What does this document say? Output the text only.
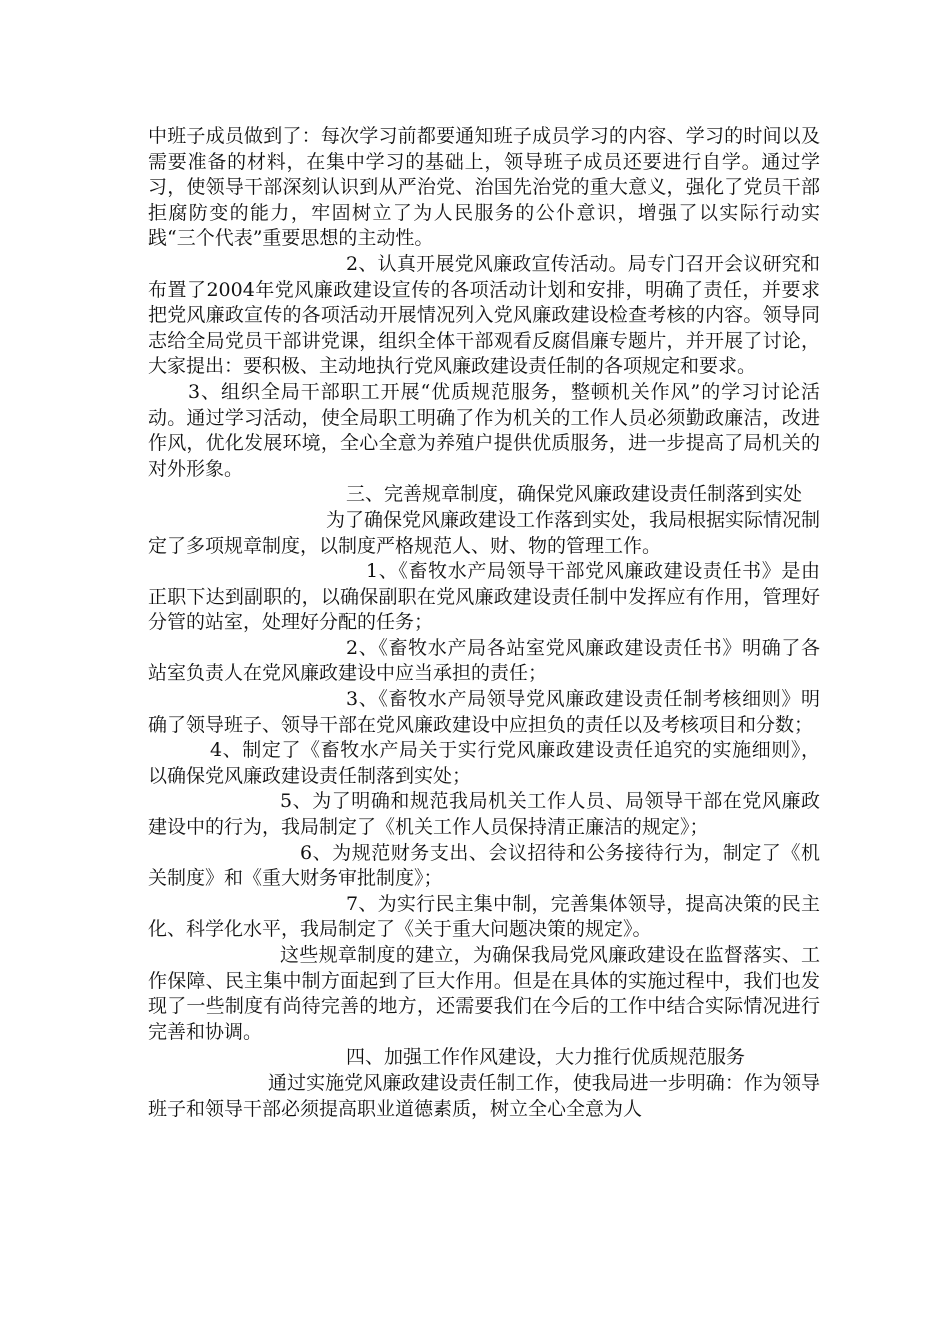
中班子成员做到了：每次学习前都要通知班子成员学习的内容、学习的时间以及需要准备的材料，在集中学习的基础上，领导班子成员还要进行自学。通过学习，使领导干部深刻认识到从严治党、治国先治党的重大意义，强化了党员干部拒腐防变的能力，牢固树立了为人民服务的公仆意识，增强了以实际行动实践“三个代表”重要思想的主动性。

2、认真开展党风廉政宣传活动。局专门召开会议研究和布置了2004年党风廉政建设宣传的各项活动计划和安排，明确了责任，并要求把党风廉政宣传的各项活动开展情况列入党风廉政建设检查考核的内容。领导同志给全局党员干部讲党课，组织全体干部观看反腐倡廉专题片，并开展了讨论，大家提出：要积极、主动地执行党风廉政建设责任制的各项规定和要求。

3、组织全局干部职工开展“优质规范服务，整顿机关作风”的学习讨论活动。通过学习活动，使全局职工明确了作为机关的工作人员必须勤政廉洁，改进作风，优化发展环境，全心全意为养殖户提供优质服务，进一步提高了局机关的对外形象。

三、完善规章制度，确保党风廉政建设责任制落到实处

为了确保党风廉政建设工作落到实处，我局根据实际情况制定了多项规章制度，以制度严格规范人、财、物的管理工作。

1、《畜牧水产局领导干部党风廉政建设责任书》是由正职下达到副职的，以确保副职在党风廉政建设责任制中发挥应有作用，管理好分管的站室，处理好分配的任务；

2、《畜牧水产局各站室党风廉政建设责任书》明确了各站室负责人在党风廉政建设中应当承担的责任；

3、《畜牧水产局领导党风廉政建设责任制考核细则》明确了领导班子、领导干部在党风廉政建设中应担负的责任以及考核项目和分数；

4、制定了《畜牧水产局关于实行党风廉政建设责任追究的实施细则》，以确保党风廉政建设责任制落到实处；

5、为了明确和规范我局机关工作人员、局领导干部在党风廉政建设中的行为，我局制定了《机关工作人员保持清正廉洁的规定》；

6、为规范财务支出、会议招待和公务接待行为，制定了《机关制度》和《重大财务审批制度》；

7、为实行民主集中制，完善集体领导，提高决策的民主化、科学化水平，我局制定了《关于重大问题决策的规定》。

这些规章制度的建立，为确保我局党风廉政建设在监督落实、工作保障、民主集中制方面起到了巨大作用。但是在具体的实施过程中，我们也发现了一些制度有尚待完善的地方，还需要我们在今后的工作中结合实际情况进行完善和协调。

四、加强工作作风建设，大力推行优质规范服务

通过实施党风廉政建设责任制工作，使我局进一步明确：作为领导班子和领导干部必须提高职业道德素质，树立全心全意为人
